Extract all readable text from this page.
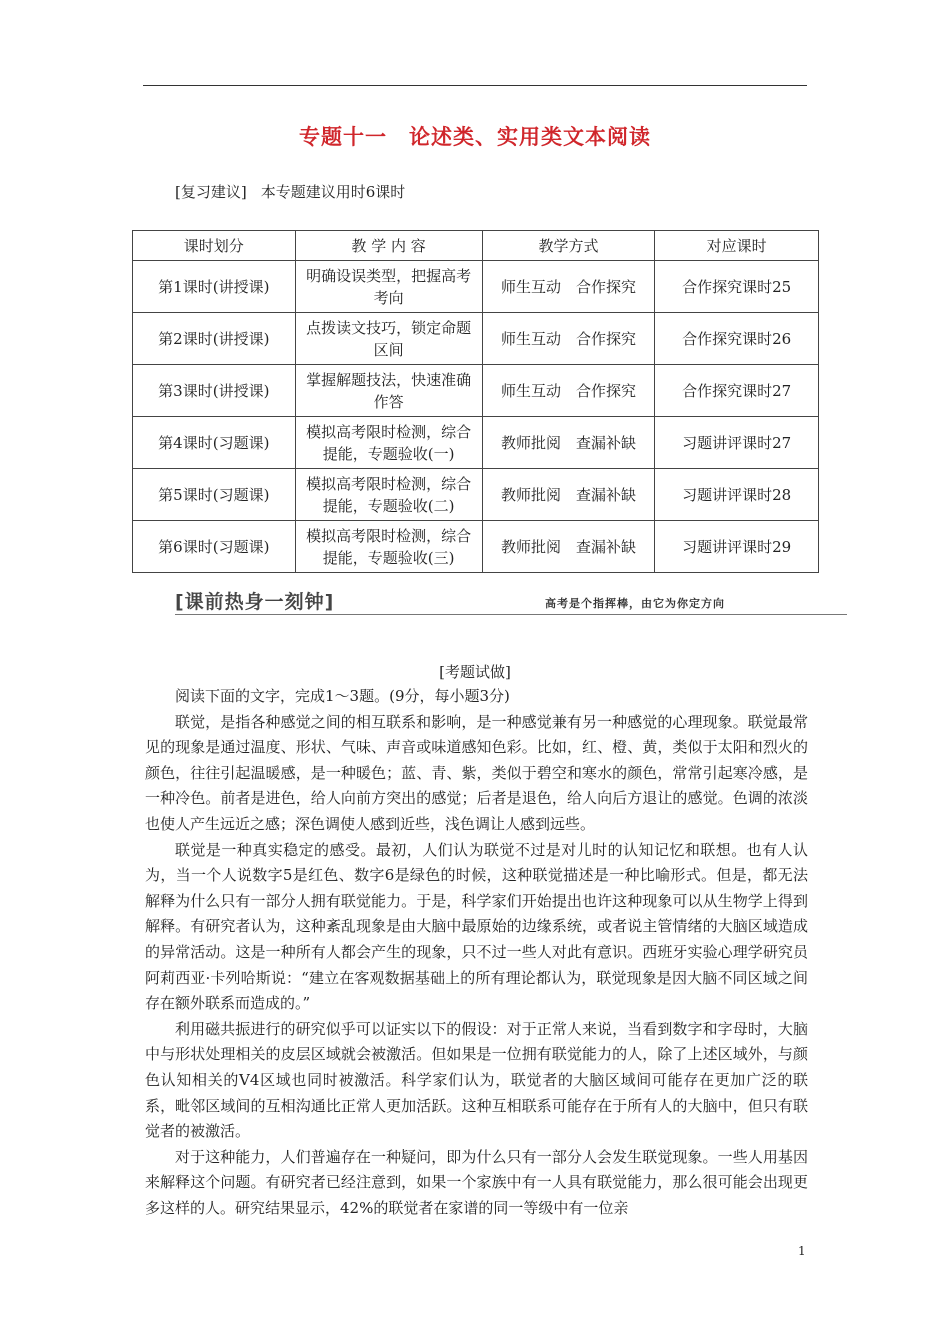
专题十一　论述类、实用类文本阅读
[复习建议] 本专题建议用时6课时
课时划分	教 学 内 容	教学方式	对应课时
第1课时(讲授课)	明确设误类型，把握高考考向	师生互动　合作探究	合作探究课时25
第2课时(讲授课)	点拨读文技巧，锁定命题区间	师生互动　合作探究	合作探究课时26
第3课时(讲授课)	掌握解题技法，快速准确作答	师生互动　合作探究	合作探究课时27
第4课时(习题课)	模拟高考限时检测，综合提能，专题验收(一)	教师批阅　查漏补缺	习题讲评课时27
第5课时(习题课)	模拟高考限时检测，综合提能，专题验收(二)	教师批阅　查漏补缺	习题讲评课时28
第6课时(习题课)	模拟高考限时检测，综合提能，专题验收(三)	教师批阅　查漏补缺	习题讲评课时29
[课前热身一刻钟]	高考是个指挥棒，由它为你定方向
[考题试做]

阅读下面的文字，完成1～3题。(9分，每小题3分)

联觉，是指各种感觉之间的相互联系和影响，是一种感觉兼有另一种感觉的心理现象。联觉最常见的现象是通过温度、形状、气味、声音或味道感知色彩。比如，红、橙、黄，类似于太阳和烈火的颜色，往往引起温暖感，是一种暖色；蓝、青、紫，类似于碧空和寒水的颜色，常常引起寒冷感，是一种冷色。前者是进色，给人向前方突出的感觉；后者是退色，给人向后方退让的感觉。色调的浓淡也使人产生远近之感；深色调使人感到近些，浅色调让人感到远些。

联觉是一种真实稳定的感受。最初，人们认为联觉不过是对儿时的认知记忆和联想。也有人认为，当一个人说数字5是红色、数字6是绿色的时候，这种联觉描述是一种比喻形式。但是，都无法解释为什么只有一部分人拥有联觉能力。于是，科学家们开始提出也许这种现象可以从生物学上得到解释。有研究者认为，这种紊乱现象是由大脑中最原始的边缘系统，或者说主管情绪的大脑区域造成的异常活动。这是一种所有人都会产生的现象，只不过一些人对此有意识。西班牙实验心理学研究员阿莉西亚·卡列哈斯说：“建立在客观数据基础上的所有理论都认为，联觉现象是因大脑不同区域之间存在额外联系而造成的。”

利用磁共振进行的研究似乎可以证实以下的假设：对于正常人来说，当看到数字和字母时，大脑中与形状处理相关的皮层区域就会被激活。但如果是一位拥有联觉能力的人，除了上述区域外，与颜色认知相关的V4区域也同时被激活。科学家们认为，联觉者的大脑区域间可能存在更加广泛的联系，毗邻区域间的互相沟通比正常人更加活跃。这种互相联系可能存在于所有人的大脑中，但只有联觉者的被激活。

对于这种能力，人们普遍存在一种疑问，即为什么只有一部分人会发生联觉现象。一些人用基因来解释这个问题。有研究者已经注意到，如果一个家族中有一人具有联觉能力，那么很可能会出现更多这样的人。研究结果显示，42%的联觉者在家谱的同一等级中有一位亲

1
